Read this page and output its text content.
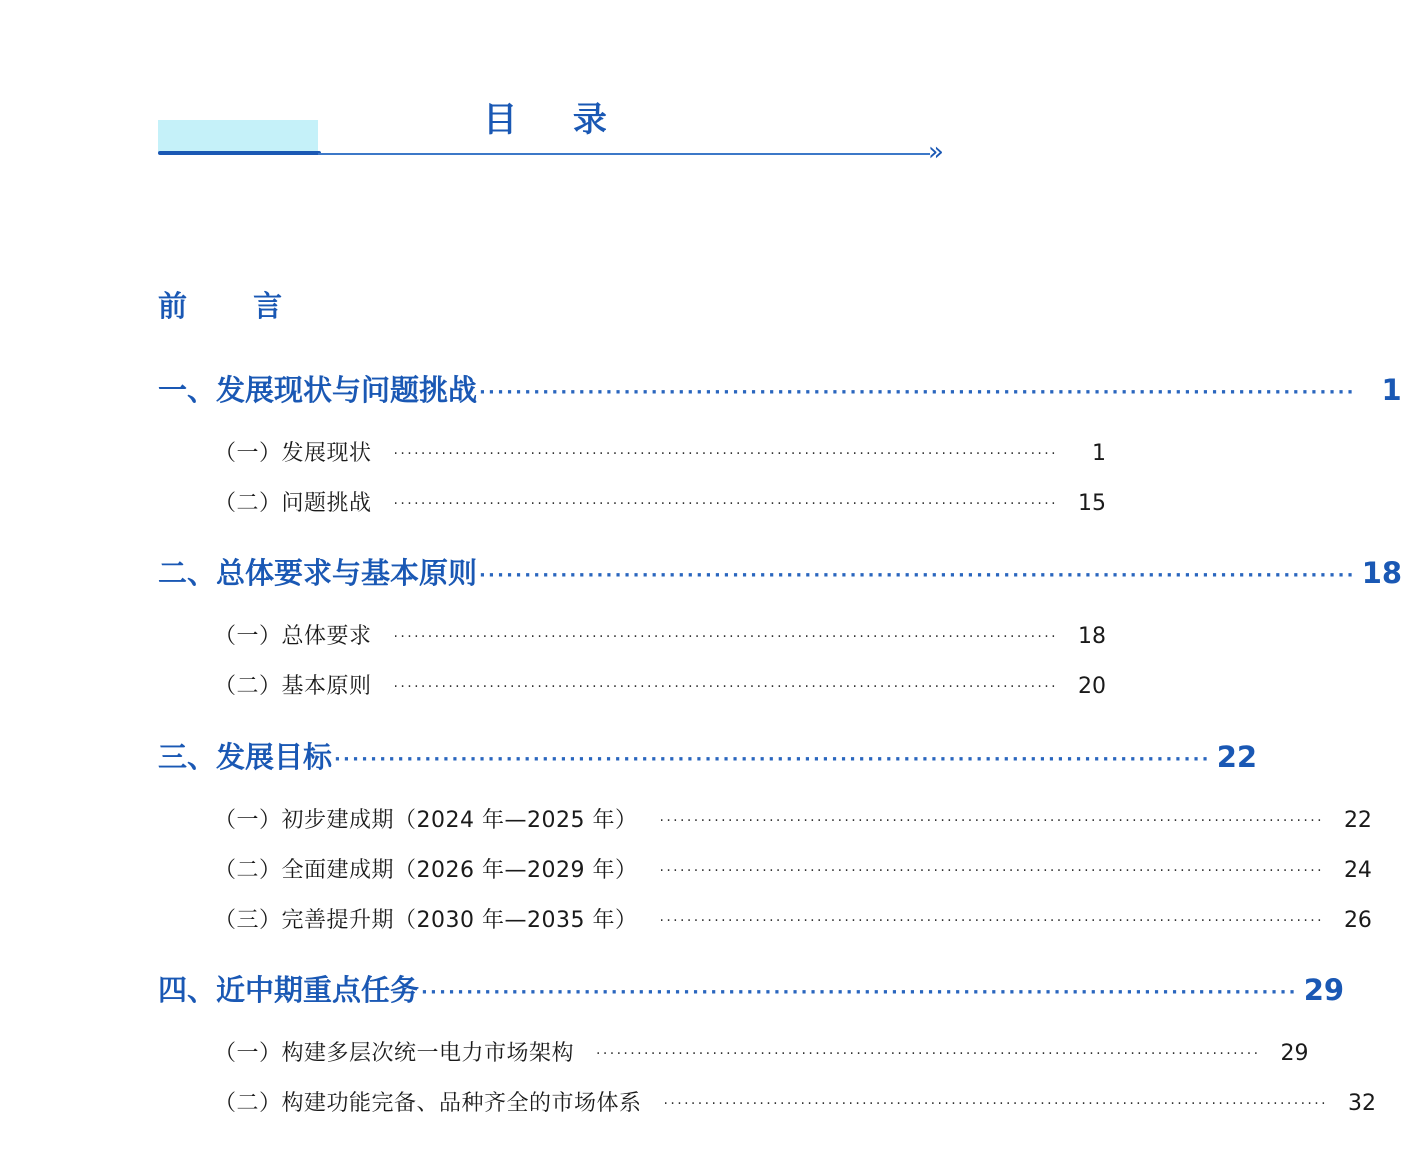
»
目 录
前 言
一、发展现状与问题挑战 ································································································· 1
（一）发展现状 ·································································································	1
（二）问题挑战 ································································································· 15
二、总体要求与基本原则 ································································································· 18
（一）总体要求 ································································································· 18
（二）基本原则 ································································································· 20
三、发展目标 ································································································· 22
（一）初步建成期（2024 年—2025 年） ································································································· 22
（二）全面建成期（2026 年—2029 年） ································································································· 24
（三）完善提升期（2030 年—2035 年） ································································································· 26
四、近中期重点任务 ································································································· 29
（一）构建多层次统一电力市场架构 ································································································· 29
（二）构建功能完备、品种齐全的市场体系 ································································································· 32
